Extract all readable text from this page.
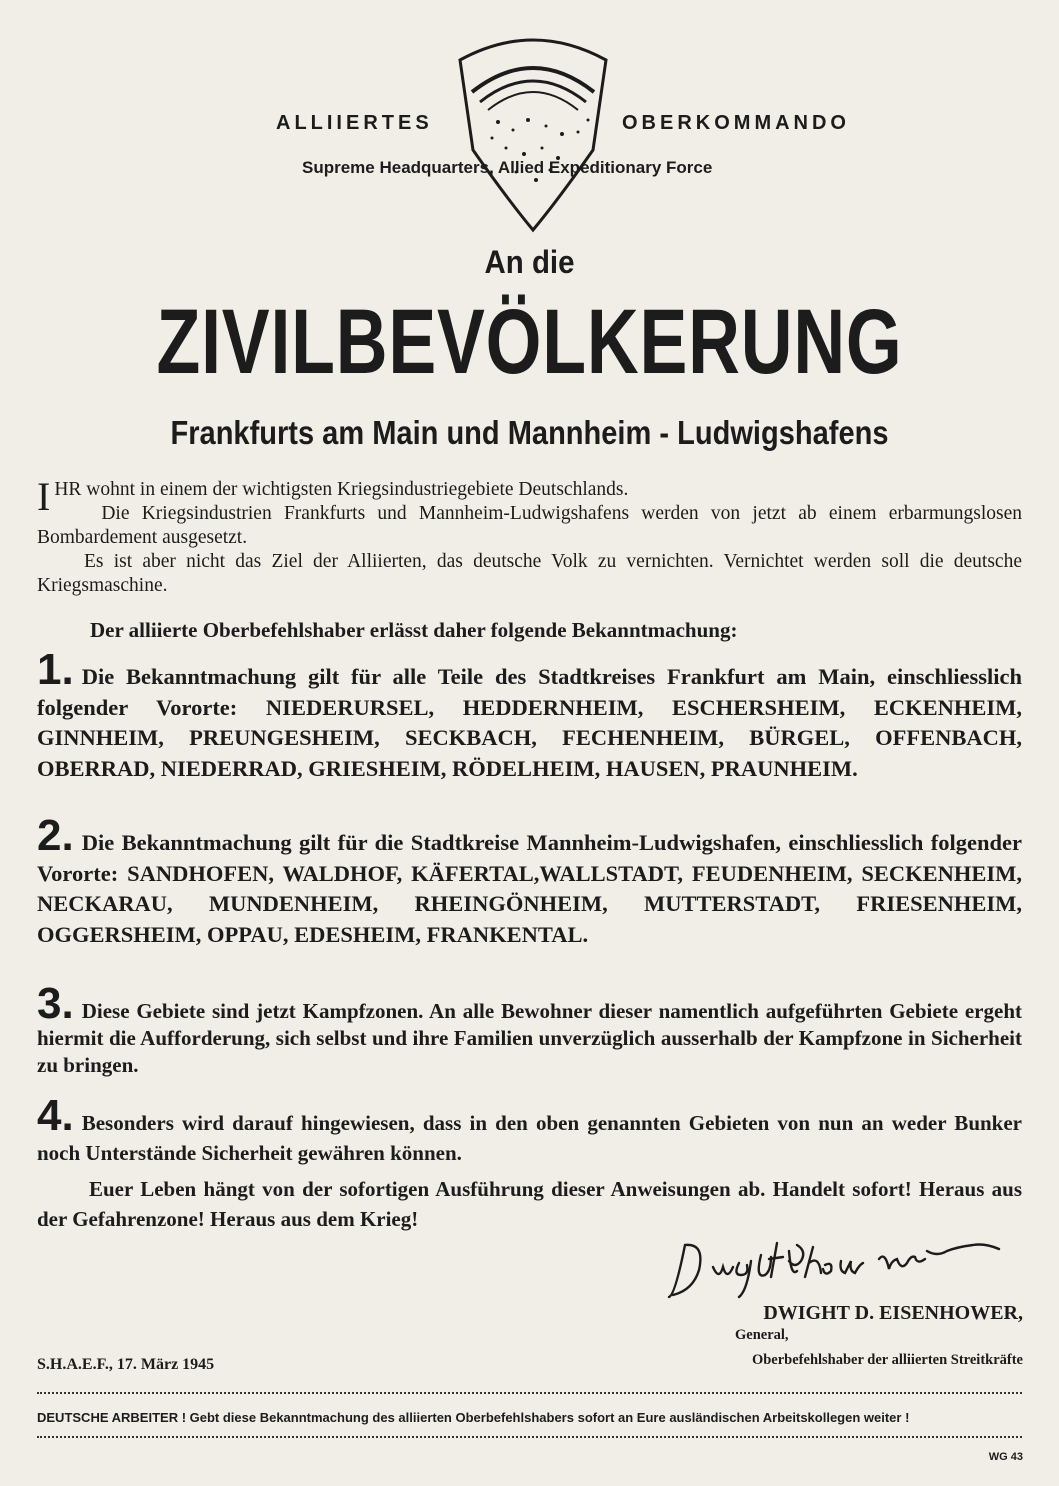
ALLIIERTES	OBERKOMMANDO
Supreme Headquarters, Allied Expeditionary Force
An die
ZIVILBEVÖLKERUNG
Frankfurts am Main und Mannheim - Ludwigshafens

IHR wohnt in einem der wichtigsten Kriegsindustriegebiete Deutschlands.

Die Kriegsindustrien Frankfurts und Mannheim-Ludwigshafens werden von jetzt ab einem erbarmungslosen Bombardement ausgesetzt.

Es ist aber nicht das Ziel der Alliierten, das deutsche Volk zu vernichten. Vernichtet werden soll die deutsche Kriegsmaschine.

Der alliierte Oberbefehlshaber erlässt daher folgende Bekanntmachung:
1. Die Bekanntmachung gilt für alle Teile des Stadtkreises Frankfurt am Main, einschliesslich folgender Vororte: NIEDERURSEL, HEDDERNHEIM, ESCHERSHEIM, ECKENHEIM, GINNHEIM, PREUNGESHEIM, SECKBACH, FECHENHEIM, BÜRGEL, OFFENBACH, OBERRAD, NIEDERRAD, GRIESHEIM, RÖDELHEIM, HAUSEN, PRAUNHEIM.
2. Die Bekanntmachung gilt für die Stadtkreise Mannheim-Ludwigshafen, einschliesslich folgender Vororte: SANDHOFEN, WALDHOF, KÄFERTAL,WALLSTADT, FEUDENHEIM, SECKENHEIM, NECKARAU, MUNDENHEIM, RHEINGÖNHEIM, MUTTERSTADT, FRIESENHEIM, OGGERSHEIM, OPPAU, EDESHEIM, FRANKENTAL.
3. Diese Gebiete sind jetzt Kampfzonen. An alle Bewohner dieser namentlich aufgeführten Gebiete ergeht hiermit die Aufforderung, sich selbst und ihre Familien unverzüglich ausserhalb der Kampfzone in Sicherheit zu bringen.
4. Besonders wird darauf hingewiesen, dass in den oben genannten Gebieten von nun an weder Bunker noch Unterstände Sicherheit gewähren können.
Euer Leben hängt von der sofortigen Ausführung dieser Anweisungen ab. Handelt sofort! Heraus aus der Gefahrenzone! Heraus aus dem Krieg!
DWIGHT D. EISENHOWER,
General,
Oberbefehlshaber der alliierten Streitkräfte
S.H.A.E.F., 17. März 1945
DEUTSCHE ARBEITER ! Gebt diese Bekanntmachung des alliierten Oberbefehlshabers sofort an Eure ausländischen Arbeitskollegen weiter !
WG 43
